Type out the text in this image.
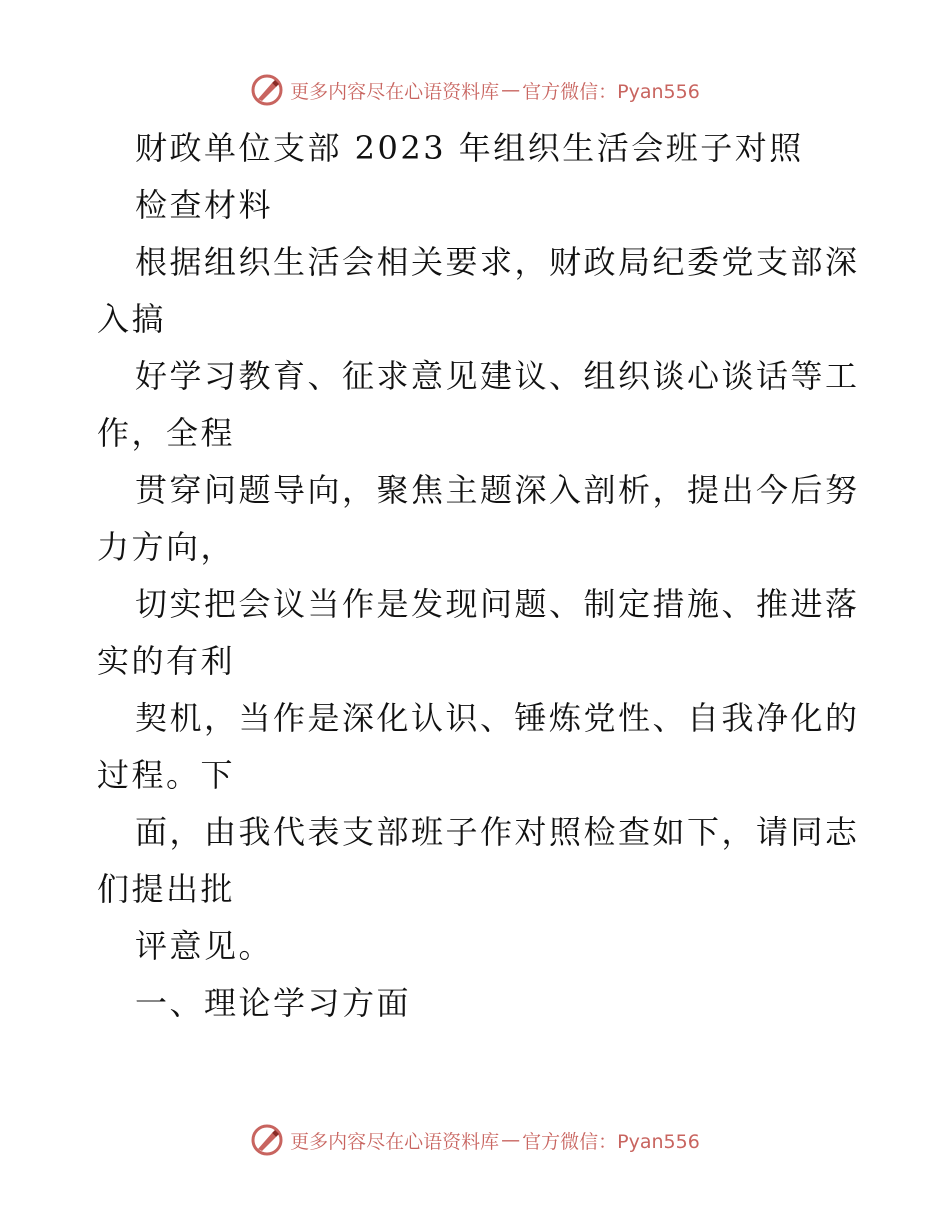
更多内容尽在心语资料库 — 官方微信：Pyan556
财政单位支部 2023 年组织生活会班子对照
检查材料
根据组织生活会相关要求，财政局纪委党支部深
入搞
好学习教育、征求意见建议、组织谈心谈话等工
作，全程
贯穿问题导向，聚焦主题深入剖析，提出今后努
力方向，
切实把会议当作是发现问题、制定措施、推进落
实的有利
契机，当作是深化认识、锤炼党性、自我净化的
过程。下
面，由我代表支部班子作对照检查如下，请同志
们提出批
评意见。
一、理论学习方面
更多内容尽在心语资料库 — 官方微信：Pyan556
